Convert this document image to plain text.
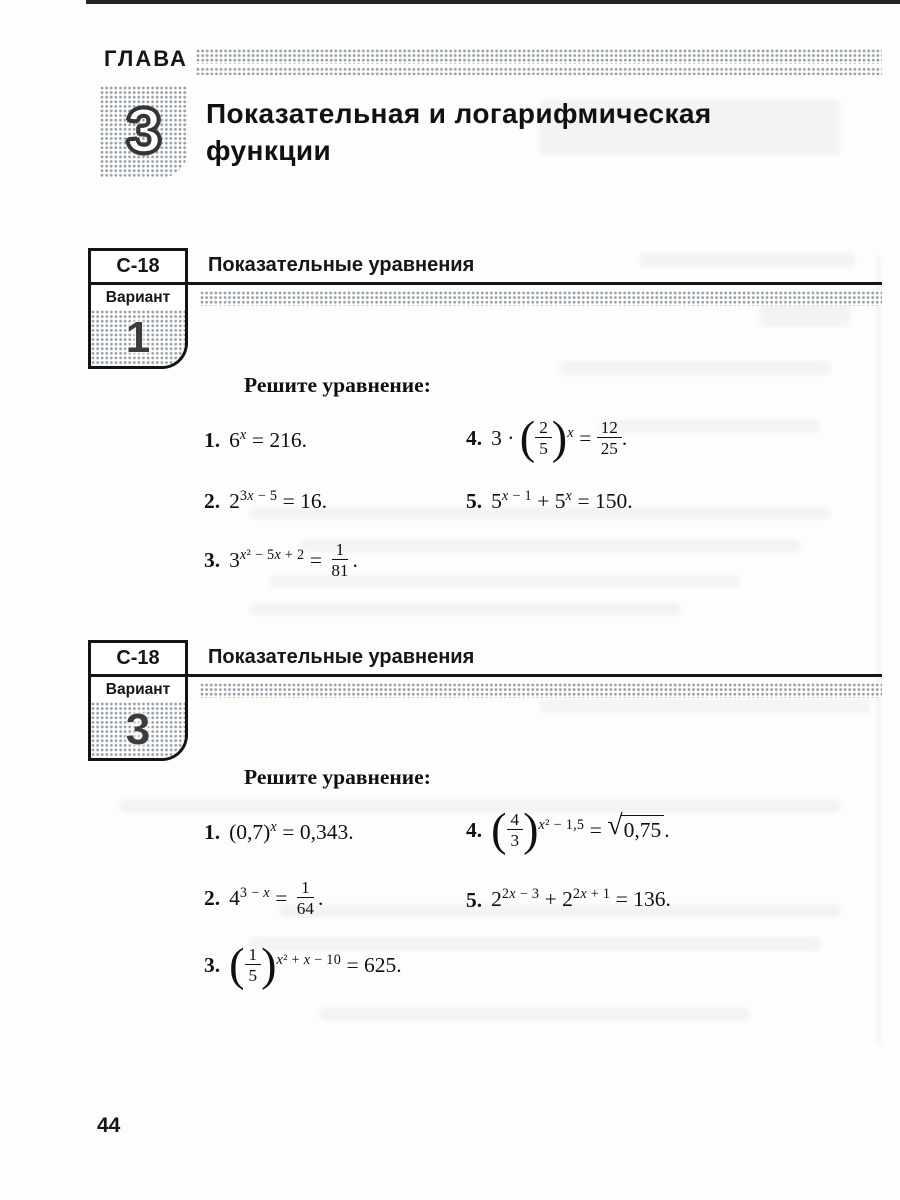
ГЛАВА
3 Показательная и логарифмическая функции
С-18	Показательные уравнения
Вариант
1
Решите уравнение:
1. $6^x = 216$.	4. 3 · ( $\frac{2}{5} )^x = \frac{12}{25}$ .
2. $2^{3x - 5} = 16$.	5. $5^{x - 1} + 5^x = 150$.
3. $3^{x^2 - 5x + 2} = \frac{1}{81}$ .
С-18	Показательные уравнения
Вариант
3
Решите уравнение:
1. $(0,7)^x = 0,343$.	4. ( $\frac{4}{3} )^{x^2 - 1,5}$ = √ 0,75 .
2. $4^{3 - x} = \frac{1}{64}$ .	5. $2^{2x - 3} + 2^{2x + 1} = 136$.
3. ( $\frac{1}{5} )^{x^2 + x - 10} = 625$.
44
